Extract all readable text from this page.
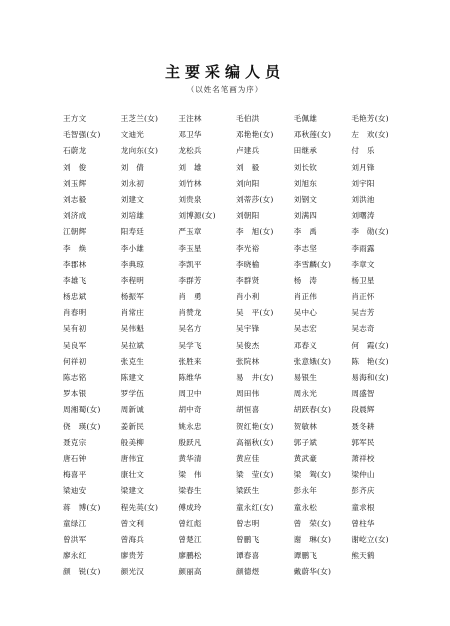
主要采编人员
（以姓名笔画为序）
王方文	王芝兰(女)	王注林	毛伯洪	毛佩雄	毛艳芳(女)
毛智强(女)	文迪光	邓卫华	邓艳艳(女)	邓秋莲(女)	左　欢(女)
石蔚龙	龙向东(女)	龙松兵	卢建兵	田继承	付　乐
刘　俊	刘　倩	刘　雄	刘　毅	刘长钦	刘月锋
刘玉辉	刘永初	刘竹林	刘向阳	刘旭东	刘宇阳
刘志毅	刘建文	刘贵泉	刘蒂莎(女)	刘钢文	刘洪池
刘济成	刘培雄	刘博源(女)	刘朝阳	刘满四	刘曙涛
江朝辉	阳寿廷	严玉章	李　旭(女)	李　禹	李　勋(女)
李　焕	李小雄	李玉星	李光裕	李志坚	李雨露
李郡林	李典琼	李凯平	李晓榆	李雪麟(女)	李章文
李雄飞	李程明	李群芳	李群贤	杨　涛	杨卫星
杨忠斌	杨振军	肖　勇	肖小利	肖正伟	肖正怀
肖春明	肖常庄	肖赞龙	吴　平(女)	吴中心	吴吉芳
吴有初	吴伟魁	吴名方	吴宇锋	吴志宏	吴志奇
吴良军	吴拉斌	吴学飞	吴俊杰	邓春义	何　霞(女)
何祥初	张克生	张胜来	张院林	张意娥(女)	陈　艳(女)
陈志铭	陈建文	陈维华	易　井(女)	易银生	易海和(女)
罗本银	罗学伍	周卫中	周田伟	周永光	周盛智
周湘蜀(女)	周新诚	胡中奇	胡恒喜	胡跃春(女)	段晨辉
侥　瑛(女)	姜新民	姚永忠	贺红艳(女)	贺敏林	聂冬耕
聂克宗	般美柳	殷跃凡	高福秋(女)	郭子斌	郭军民
唐石钟	唐伟宜	黄华清	黄应佳	黄武豪	萧祥校
梅喜平	康壮文	梁　伟	梁　莹(女)	梁　鸳(女)	梁仲山
梁迪安	梁建文	梁春生	梁跃生	彭永年	彭齐庆
蒋　博(女)	程先英(女)	傅成玲	童永红(女)	童永松	童求根
童绿江	曾文利	曾红彪	曾志明	曾　荣(女)	曾柱华
曾洪军	曾海兵	曾楚江	曾鹏飞	谢　琳(女)	谢屹立(女)
廖永红	廖贵芳	廖鹏松	谭春喜	谭鹏飞	熊天鹤
颜　锐(女)	颜光汉	颜丽高	颜德煜	戴蔚华(女)
